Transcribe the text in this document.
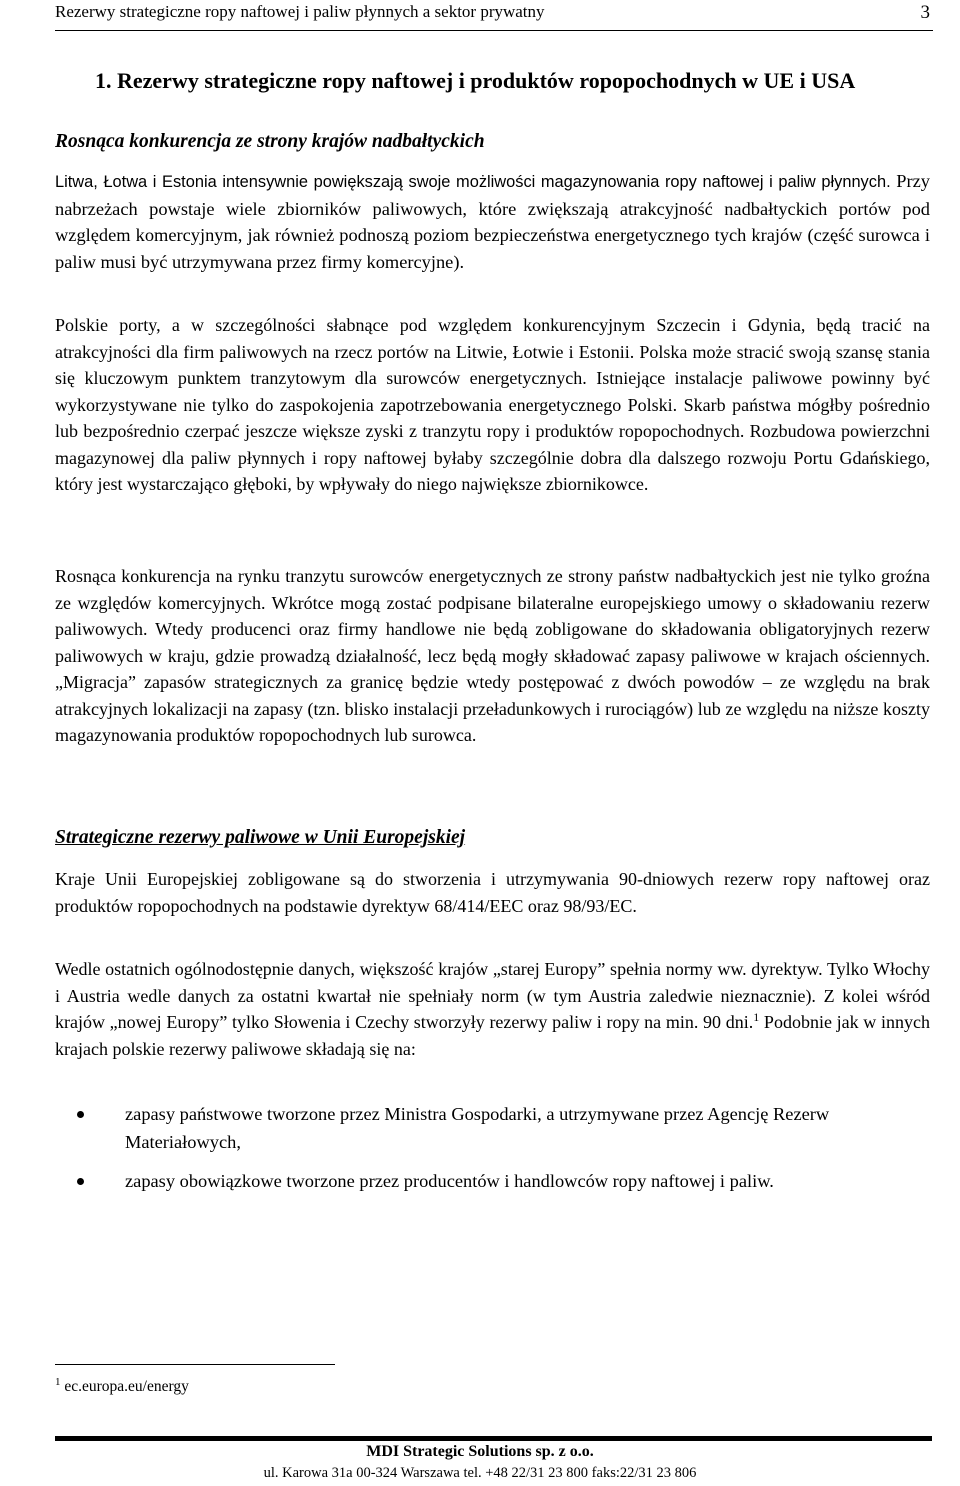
Rezerwy strategiczne ropy naftowej i paliw płynnych a sektor prywatny	3
1. Rezerwy strategiczne ropy naftowej i produktów ropopochodnych w UE i USA
Rosnąca konkurencja ze strony krajów nadbałtyckich

Litwa, Łotwa i Estonia intensywnie powiększają swoje możliwości magazynowania ropy naftowej i paliw płynnych. Przy nabrzeżach powstaje wiele zbiorników paliwowych, które zwiększają atrakcyjność nadbałtyckich portów pod względem komercyjnym, jak również podnoszą poziom bezpieczeństwa energetycznego tych krajów (część surowca i paliw musi być utrzymywana przez firmy komercyjne).

Polskie porty, a w szczególności słabnące pod względem konkurencyjnym Szczecin i Gdynia, będą tracić na atrakcyjności dla firm paliwowych na rzecz portów na Litwie, Łotwie i Estonii. Polska może stracić swoją szansę stania się kluczowym punktem tranzytowym dla surowców energetycznych. Istniejące instalacje paliwowe powinny być wykorzystywane nie tylko do zaspokojenia zapotrzebowania energetycznego Polski. Skarb państwa mógłby pośrednio lub bezpośrednio czerpać jeszcze większe zyski z tranzytu ropy i produktów ropopochodnych. Rozbudowa powierzchni magazynowej dla paliw płynnych i ropy naftowej byłaby szczególnie dobra dla dalszego rozwoju Portu Gdańskiego, który jest wystarczająco głęboki, by wpływały do niego największe zbiornikowce.

Rosnąca konkurencja na rynku tranzytu surowców energetycznych ze strony państw nadbałtyckich jest nie tylko groźna ze względów komercyjnych. Wkrótce mogą zostać podpisane bilateralne europejskiego umowy o składowaniu rezerw paliwowych. Wtedy producenci oraz firmy handlowe nie będą zobligowane do składowania obligatoryjnych rezerw paliwowych w kraju, gdzie prowadzą działalność, lecz będą mogły składować zapasy paliwowe w krajach ościennych. „Migracja” zapasów strategicznych za granicę będzie wtedy postępować z dwóch powodów – ze względu na brak atrakcyjnych lokalizacji na zapasy (tzn. blisko instalacji przeładunkowych i rurociągów) lub ze względu na niższe koszty magazynowania produktów ropopochodnych lub surowca.

Strategiczne rezerwy paliwowe w Unii Europejskiej

Kraje Unii Europejskiej zobligowane są do stworzenia i utrzymywania 90-dniowych rezerw ropy naftowej oraz produktów ropopochodnych na podstawie dyrektyw 68/414/EEC oraz 98/93/EC.

Wedle ostatnich ogólnodostępnie danych, większość krajów „starej Europy” spełnia normy ww. dyrektyw. Tylko Włochy i Austria wedle danych za ostatni kwartał nie spełniały norm (w tym Austria zaledwie nieznacznie). Z kolei wśród krajów „nowej Europy” tylko Słowenia i Czechy stworzyły rezerwy paliw i ropy na min. 90 dni.$^1$ Podobnie jak w innych krajach polskie rezerwy paliwowe składają się na:

zapasy państwowe tworzone przez Ministra Gospodarki, a utrzymywane przez Agencję Rezerw Materiałowych,
zapasy obowiązkowe tworzone przez producentów i handlowców ropy naftowej i paliw.
$^1$ ec.europa.eu/energy
MDI Strategic Solutions sp. z o.o.
ul. Karowa 31a 00-324 Warszawa tel. +48 22/31 23 800 faks:22/31 23 806
